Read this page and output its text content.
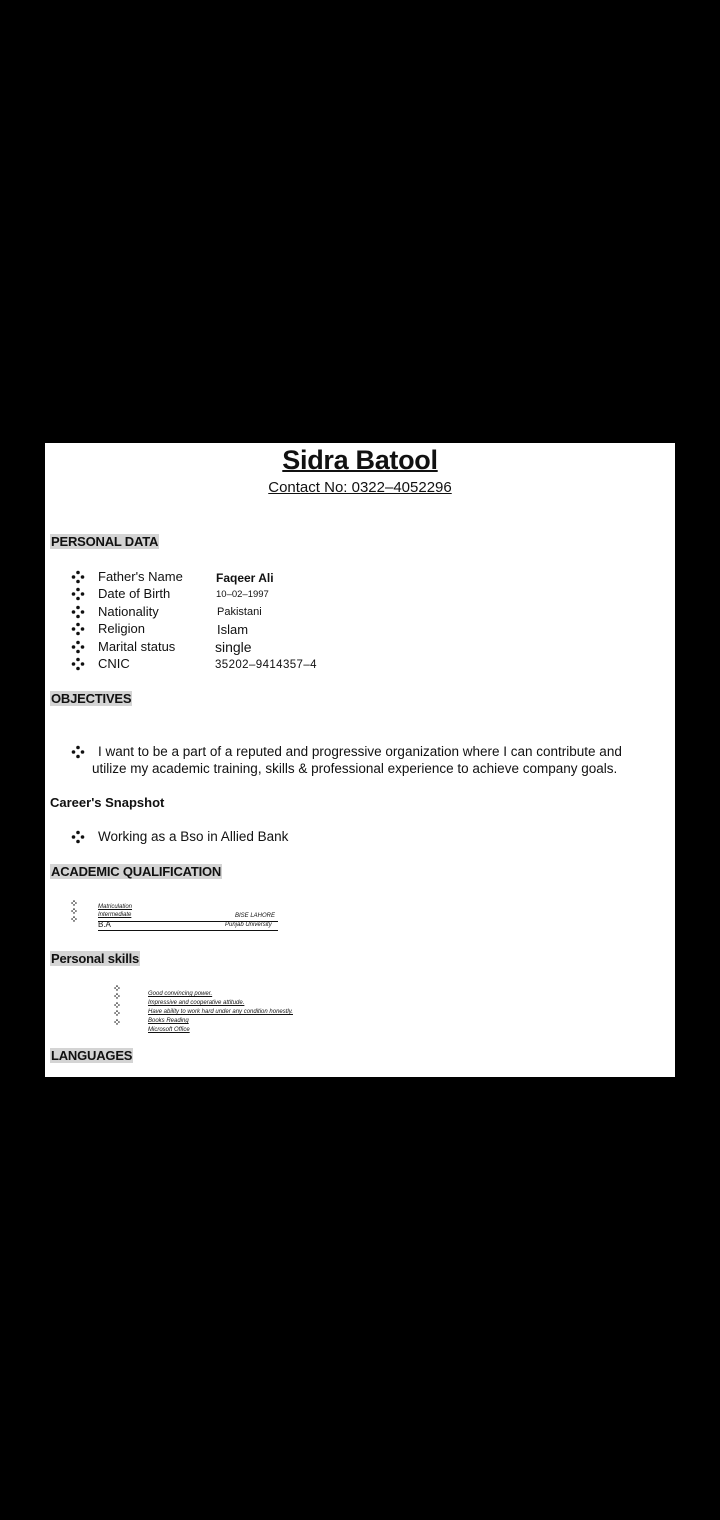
Sidra Batool
Contact No: 0322–4052296
PERSONAL DATA
Father's Name	Faqeer Ali
Date of Birth	10–02–1997
Nationality	Pakistani
Religion	Islam
Marital status	single
CNIC	35202–9414357–4
OBJECTIVES
I want to be a part of a reputed and progressive organization where I can contribute and
utilize my academic training, skills & professional experience to achieve company goals.
Career's Snapshot
Working as a Bso in Allied Bank
ACADEMIC QUALIFICATION
Matriculation
Intermediate	BISE LAHORE
B.A	Punjab University
Personal skills
Good convincing power.
Impressive and cooperative attitude.
Have ability to work hard under any condition honestly.
Books Reading
Microsoft Office
LANGUAGES
